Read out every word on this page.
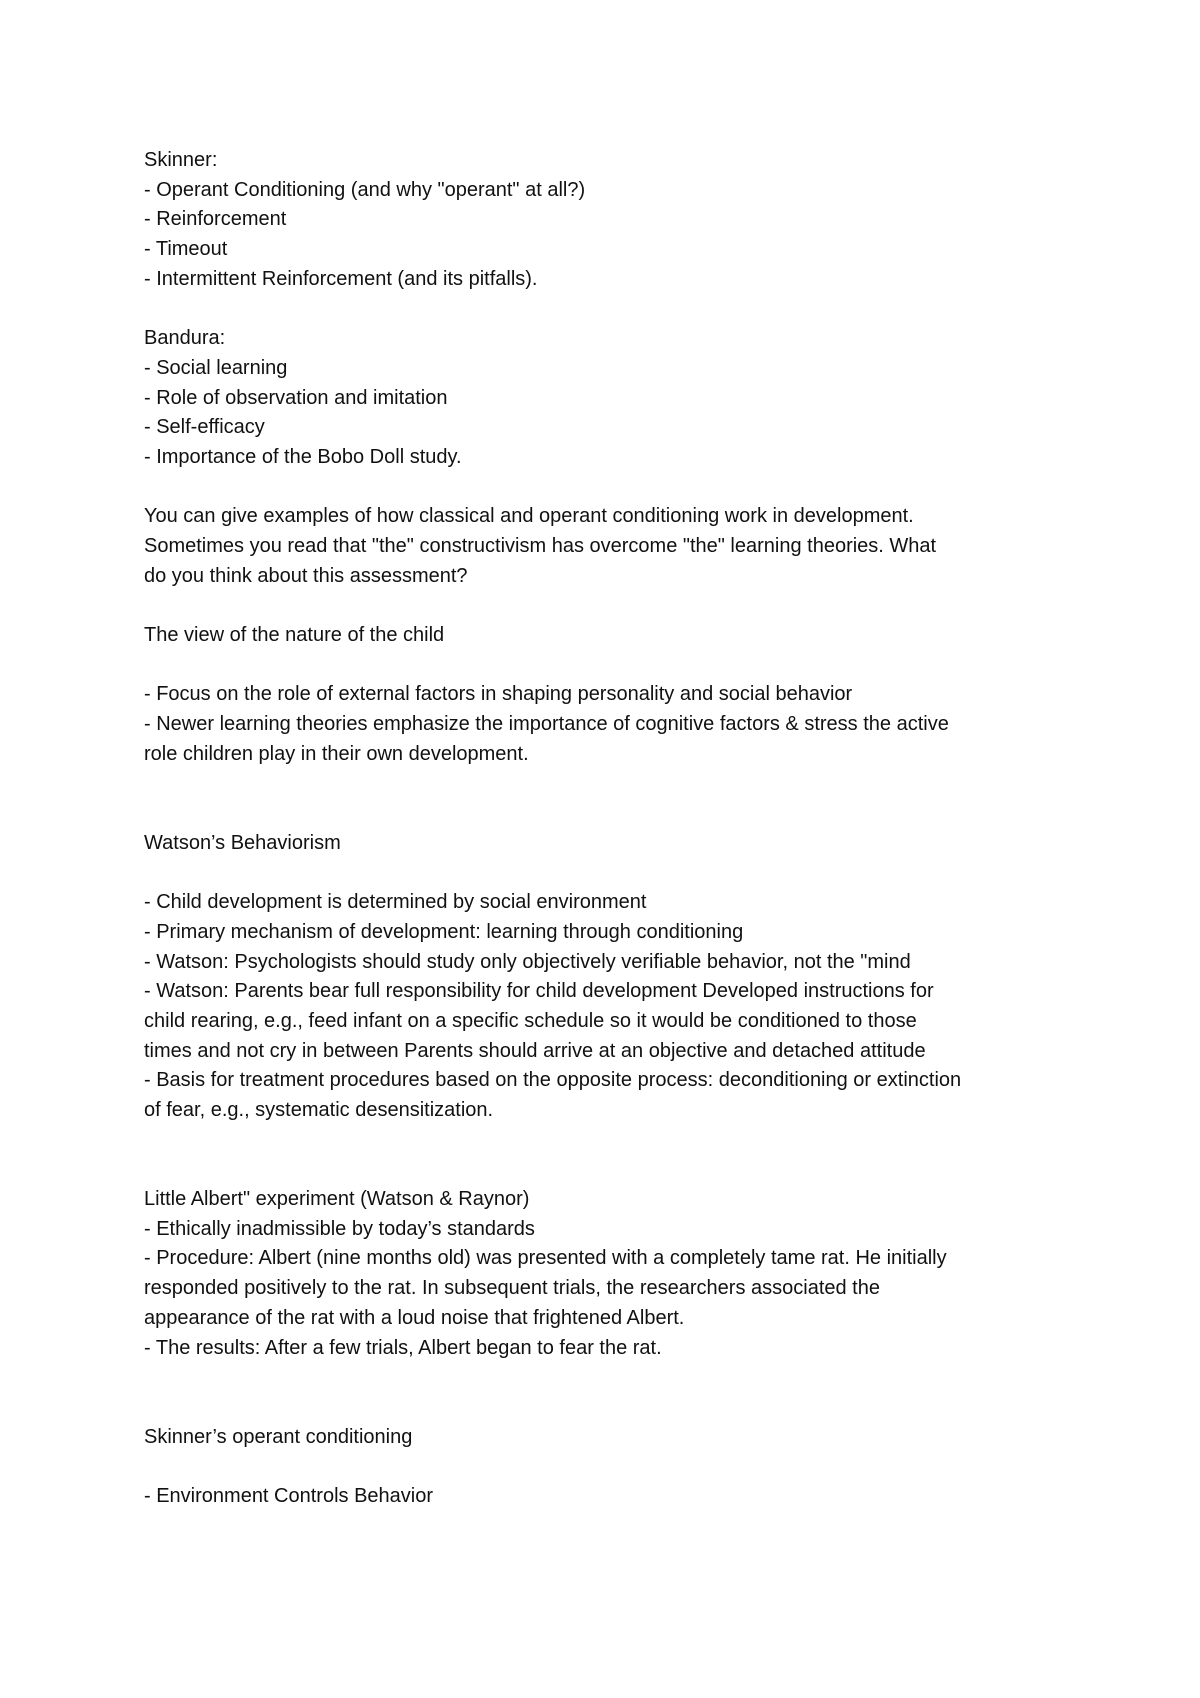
Skinner:
- Operant Conditioning (and why "operant" at all?)
- Reinforcement
- Timeout
- Intermittent Reinforcement (and its pitfalls).
Bandura:
- Social learning
- Role of observation and imitation
- Self-efficacy
- Importance of the Bobo Doll study.
You can give examples of how classical and operant conditioning work in development.
Sometimes you read that "the" constructivism has overcome "the" learning theories. What
do you think about this assessment?
The view of the nature of the child
- Focus on the role of external factors in shaping personality and social behavior
- Newer learning theories emphasize the importance of cognitive factors & stress the active
role children play in their own development.
Watson’s Behaviorism
- Child development is determined by social environment
- Primary mechanism of development: learning through conditioning
- Watson: Psychologists should study only objectively verifiable behavior, not the "mind
- Watson: Parents bear full responsibility for child development Developed instructions for
child rearing, e.g., feed infant on a specific schedule so it would be conditioned to those
times and not cry in between Parents should arrive at an objective and detached attitude
- Basis for treatment procedures based on the opposite process: deconditioning or extinction
of fear, e.g., systematic desensitization.
Little Albert" experiment (Watson & Raynor)
- Ethically inadmissible by today’s standards
- Procedure: Albert (nine months old) was presented with a completely tame rat. He initially
responded positively to the rat. In subsequent trials, the researchers associated the
appearance of the rat with a loud noise that frightened Albert.
- The results: After a few trials, Albert began to fear the rat.
Skinner’s operant conditioning
- Environment Controls Behavior
